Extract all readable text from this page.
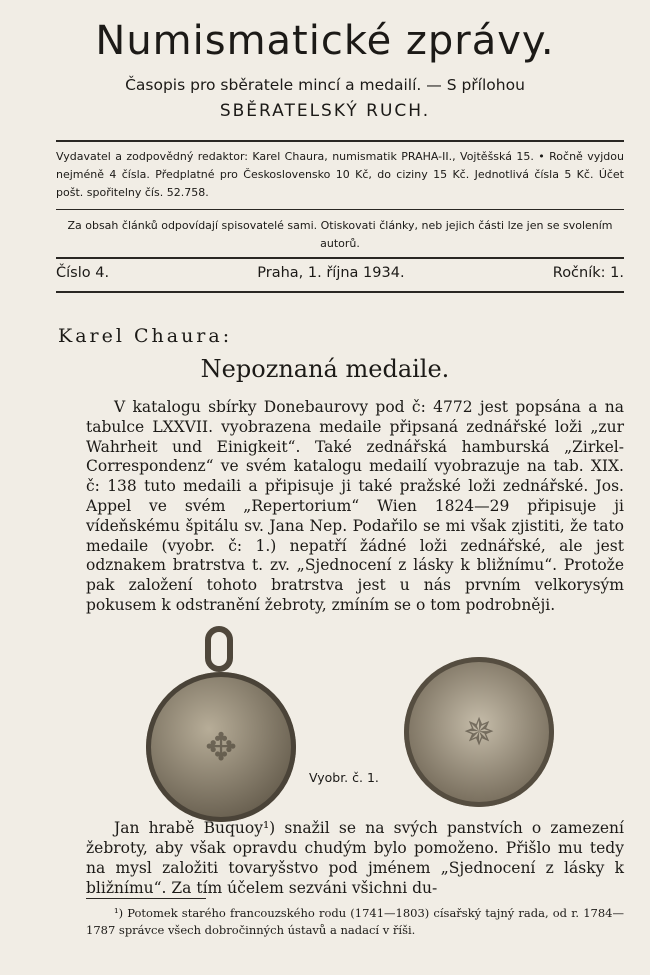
Numismatické zprávy.
Časopis pro sběratele mincí a medailí. — S přílohou
SBĚRATELSKÝ RUCH.
Vydavatel a zodpovědný redaktor: Karel Chaura, numismatik PRAHA-II., Vojtěšská 15. • Ročně vyjdou nejméně 4 čísla. Předplatné pro Československo 10 Kč, do ciziny 15 Kč. Jednotlivá čísla 5 Kč. Účet pošt. spořitelny čís. 52.758.
Za obsah článků odpovídají spisovatelé sami. Otiskovati články, neb jejich části lze jen se svolením autorů.
Číslo 4.	Praha, 1. října 1934.	Ročník: 1.
Karel Chaura:
Nepoznaná medaile.

V katalogu sbírky Donebaurovy pod č: 4772 jest popsána a na tabulce LXXVII. vyobrazena medaile připsaná zednářské loži „zur Wahrheit und Einigkeit“. Také zednářská hamburská „Zirkel-Correspondenz“ ve svém katalogu medailí vyobrazuje na tab. XIX. č: 138 tuto medaili a připisuje ji také pražské loži zednářské. Jos. Appel ve svém „Repertorium“ Wien 1824—29 připisuje ji vídeňskému špitálu sv. Jana Nep. Podařilo se mi však zjistiti, že tato medaile (vyobr. č: 1.) nepatří žádné loži zednářské, ale jest odznakem bratrstva t. zv. „Sjednocení z lásky k bližnímu“. Protože pak založení tohoto bratrstva jest u nás prvním velkorysým pokusem k odstranění žebroty, zmíním se o tom podrobněji.

✥	✵
Vyobr. č. 1.

Jan hrabě Buquoy¹) snažil se na svých panstvích o zamezení žebroty, aby však opravdu chudým bylo pomoženo. Přišlo mu tedy na mysl založiti tovaryšstvo pod jménem „Sjednocení z lásky k bližnímu“. Za tím účelem sezváni všichni du-

¹) Potomek starého francouzského rodu (1741—1803) císařský tajný rada, od r. 1784—1787 správce všech dobročinných ústavů a nadací v říši.
